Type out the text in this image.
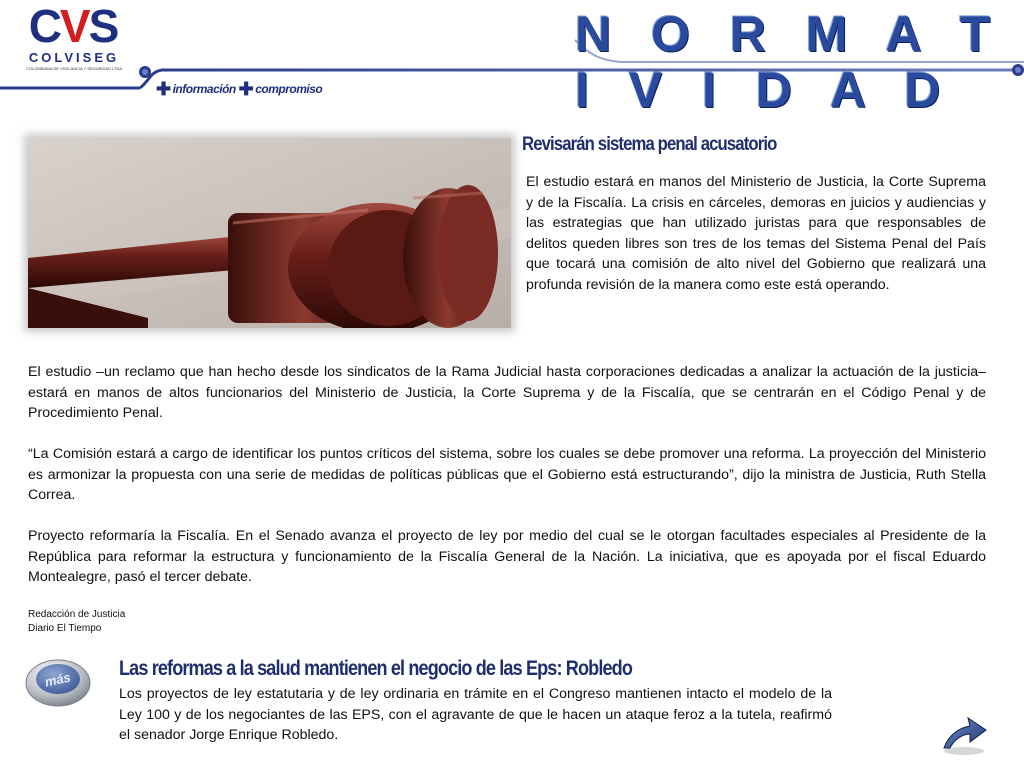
CVS
COLVISEG
COLOMBIANA DE VIGILANCIA Y SEGURIDAD LTDA
N O R M A T I V I D A D
✚ información ✚ compromiso
Revisarán sistema penal acusatorio

El estudio estará en manos del Ministerio de Justicia, la Corte Suprema y de la Fiscalía. La crisis en cárceles, demoras en juicios y audiencias y las estrategias que han utilizado juristas para que responsables de delitos queden libres son tres de los temas del Sistema Penal del País que tocará una comisión de alto nivel del Gobierno que realizará una profunda revisión de la manera como este está operando.

El estudio –un reclamo que han hecho desde los sindicatos de la Rama Judicial hasta corporaciones dedicadas a analizar la actuación de la justicia– estará en manos de altos funcionarios del Ministerio de Justicia, la Corte Suprema y de la Fiscalía, que se centrarán en el Código Penal y de Procedimiento Penal.

“La Comisión estará a cargo de identificar los puntos críticos del sistema, sobre los cuales se debe promover una reforma. La proyección del Ministerio es armonizar la propuesta con una serie de medidas de políticas públicas que el Gobierno está estructurando”, dijo la ministra de Justicia, Ruth Stella Correa.

Proyecto reformaría la Fiscalía. En el Senado avanza el proyecto de ley por medio del cual se le otorgan facultades especiales al Presidente de la República para reformar la estructura y funcionamiento de la Fiscalía General de la Nación. La iniciativa, que es apoyada por el fiscal Eduardo Montealegre, pasó el tercer debate.

Redacción de Justicia
Diario El Tiempo
más Las reformas a la salud mantienen el negocio de las Eps: Robledo

Los proyectos de ley estatutaria y de ley ordinaria en trámite en el Congreso mantienen intacto el modelo de la Ley 100 y de los negociantes de las EPS, con el agravante de que le hacen un ataque feroz a la tutela, reafirmó el senador Jorge Enrique Robledo.
